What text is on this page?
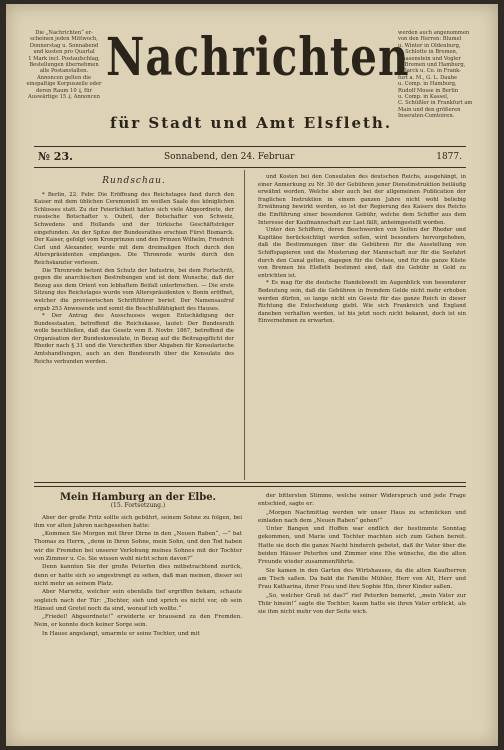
Die „Nachrichten“ er-
scheinen jeden Mittwoch,
Donnerstag u. Sonnabend
und kosten pro Quartal
1 Mark incl. Postaufschlag,
Bestellungen übernehmen
alle Postanstalten.
Annoncen gelten die
einspaltige Korpuszeile oder
deren Raum 10 ₰, für
Auswärtige 15 ₰. Annoncen

Nachrichten
für Stadt und Amt Elsfleth.

werden auch angenommen
von den Herren: Blumel
u. Winter in Oldenburg,
C. Schlotte in Bremen,
Haasenstein und Vogler
in Bremen und Hamburg,
J. Barck u. Co. in Frank-
furt a. M., G. L. Daube
u. Comp. in Hamburg,
Rudolf Mosse in Berlin
u. Comp. in Kassel,
C. Schüßler in Frankfurt am
Main und den größeren
Inseraten-Comtoiren.

№ 23.	Sonnabend, den 24. Februar	1877.
Rundschau.

* Berlin, 22. Febr. Die Eröffnung des Reichstages fand durch den Kaiser mit dem üblichen Ceremoniell im weißen Saale des königlichen Schlosses statt. Zu der Feierlichkeit hatten sich viele Abgeordnete, der russische Botschafter v. Oubril, der Botschafter von Schweiz, Schwedens und Hollands und der türkische Geschäftsträger eingefunden. An der Spitze der Bundesrathes erschien Fürst Bismarck. Der Kaiser, gefolgt vom Kronprinzen und den Prinzen Wilhelm, Friedrich Carl und Alexander, wurde mit dem dreimaligen Hoch durch den Alterspräsidenten empfangen. Die Thronrede wurde durch den Reichskanzler verlesen.

Die Thronrede betont den Schutz der Industrie, bei dem Fortschritt, gegen die anarchischen Bestrebungen und ist dem Wunsche, daß der Bezug aus dem Orient von lebhaftem Beifall unterbrochen. — Die erste Sitzung des Reichstages wurde vom Alterspräsidenten v. Bonin eröffnet, welcher die provisorischen Schriftführer berief. Der Namensaufruf ergab 253 Anwesende und somit die Beschlußfähigkeit des Hauses.

* Der Antrag des Ausschusses wegen Entschädigung der Bundesstaaten, betreffend die Reichskasse, lautet: Der Bundesrath wolle beschließen, daß das Gesetz vom 8. Novbr. 1867, betreffend die Organisation der Bundeskonsulate, in Bezug auf die Beitragspflicht der Rheder nach § 31 und die Vorschriften über Abgaben für Konsularische Amtshandlungen, auch an den Bundesrath über die Konsulate des Reichs verbunden werden.

und Kosten bei den Consulaten des deutschen Reichs, ausgehängt, in einer Anmerkung zu Nr. 30 der Gebühren jener Dienstinstruktion beiläufig erwähnt worden. Welche aber auch bei der allgemeinen Publication der fraglichen Instruktion in einem ganzen Jahre nicht wohl beliebig Erwähnung bewirkt werden, so ist der Regierung des Kaisers des Reichs die Einführung einer besonderen Gebühr, welche dem Schiffer aus dem Interesse der Kaufmannschaft zur Last fällt, anheimgestellt worden.

Unter den Schiffern, deren Beschwerden von Seiten der Rheder und Kapitäne berücksichtigt werden sollen, wird besonders hervorgehoben, daß die Bestimmungen über die Gebühren für die Ausstellung von Schiffspapieren und die Musterung der Mannschaft nur für die Seefahrt durch den Canal gelten, dagegen für die Ostsee, und für die ganze Küste von Bremen bis Elsfleth bestimmt sind, daß die Gebühr in Gold zu entrichten ist.

* Es mag für die deutsche Handelswelt im Augenblick von besonderer Bedeutung sein, daß die Gebühren in fremdem Gelde nicht mehr erhoben werden dürfen, so lange nicht ein Gesetz für das ganze Reich in dieser Richtung die Entscheidung giebt. Wie sich Frankreich und England daneben verhalten werden, ist bis jetzt noch nicht bekannt, doch ist ein Einvernehmen zu erwarten.

Mein Hamburg an der Elbe.

(15. Fortsetzung.)

Aber der große Fritz sollte sich gebührt, seinem Sohne zu folgen, bei ihm vor alten Jahren nachgesehen hatte:

„Kommen Sie Morgen mit Ihrer Dirne in den „Neuen Raben“, —“ bat Thomas zu Herrn, „denn in Ihren Sohne, mein Sohn, und den Tod haben wir die Fremden bei unserer Verlobung meines Sohnes mit der Tochter von Zimmer u. Co. Sie wissen wohl nicht schon davon?“

Denn kannten Sie der große Peterfen dies mitbetrachtend zurück, denn er hatte sich so angestrengt zu sehen, daß man meinen, dieser sei nicht mehr an seinem Platz.

Aber Marwitz, welcher sein ebenfalls tief ergriffen bekam, schaute sogleich nach der Tür: „Tochter, sieh und sprich es nicht vor, ob sein Hänsel und Gretel noch da sind, worauf ich wollte.“

„Friedel! Abgeordnete!“ erwiderte er brausend zu den Fremden. Nein, er konnte doch keiner Sorge sein.

In Hause angelangt, umarmte er seine Tochter, und mit

der bittersten Stimme, welche seiner Widerspruch und jede Frage entschied, sagte er:

„Morgen Nachmittag werden wir unser Haus zu schmücken und einladen nach dem „Neuen Raben“ gehen!“

Unter Bangen und Hoffen war endlich der bestimmte Sonntag gekommen, und Marie und Tochter machten sich zum Gehen bereit. Hatte sie doch die ganze Nacht hindurch gebetet, daß ihr Vater über die beiden Häuser Peterfen und Zimmer eine Ehe wünsche, die die alten Freunde wieder zusammenführte.

Sie kamen in den Garten des Wirtshauses, da die alten Kaufherren am Tisch saßen. Da bald die Familie Mühler, Herr von Alt, Herr und Frau Katharina, ihrer Frau und ihre Sophie Hin, ihrer Kinder saßen.

„So, welcher Gruß ist das?“ rief Peterfen bemerkt, „mein Vater zur Thür hinein!“ sagte die Tochter; kaum hatte sie ihren Vater erblickt, als sie ihm nicht mehr von der Seite wich.
